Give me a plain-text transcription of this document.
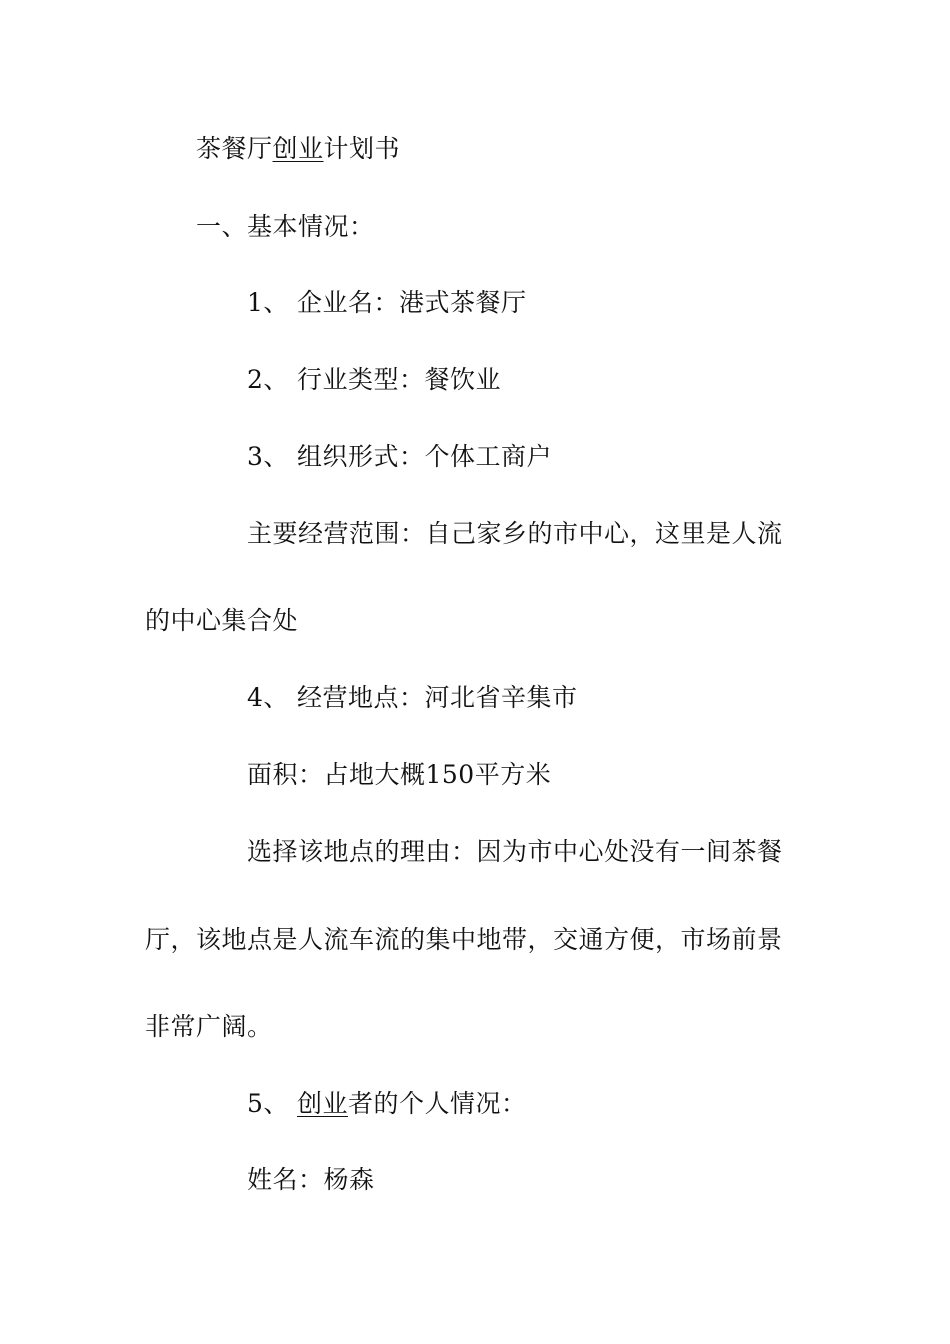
茶餐厅创业计划书
一、基本情况：
1、 企业名：港式茶餐厅
2、 行业类型：餐饮业
3、 组织形式：个体工商户
主要经营范围：自己家乡的市中心，这里是人流
的中心集合处
4、 经营地点：河北省辛集市
面积：占地大概150平方米
选择该地点的理由：因为市中心处没有一间茶餐
厅，该地点是人流车流的集中地带，交通方便，市场前景
非常广阔。
5、 创业者的个人情况：
姓名：杨森
